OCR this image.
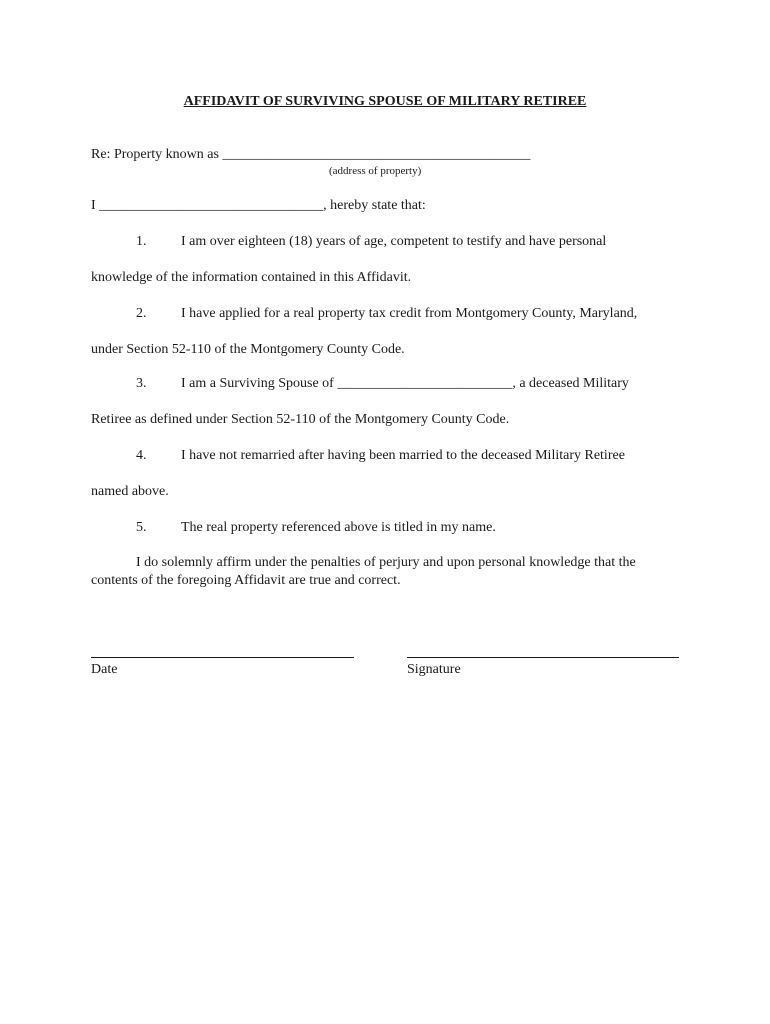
AFFIDAVIT OF SURVIVING SPOUSE OF MILITARY RETIREE
Re: Property known as ____________________________________________
(address of property)
I ________________________________, hereby state that:
1. I am over eighteen (18) years of age, competent to testify and have personal
knowledge of the information contained in this Affidavit.
2. I have applied for a real property tax credit from Montgomery County, Maryland,
under Section 52-110 of the Montgomery County Code.
3. I am a Surviving Spouse of _________________________, a deceased Military
Retiree as defined under Section 52-110 of the Montgomery County Code.
4. I have not remarried after having been married to the deceased Military Retiree
named above.
5. The real property referenced above is titled in my name.
I do solemnly affirm under the penalties of perjury and upon personal knowledge that the
contents of the foregoing Affidavit are true and correct.
Date	Signature
